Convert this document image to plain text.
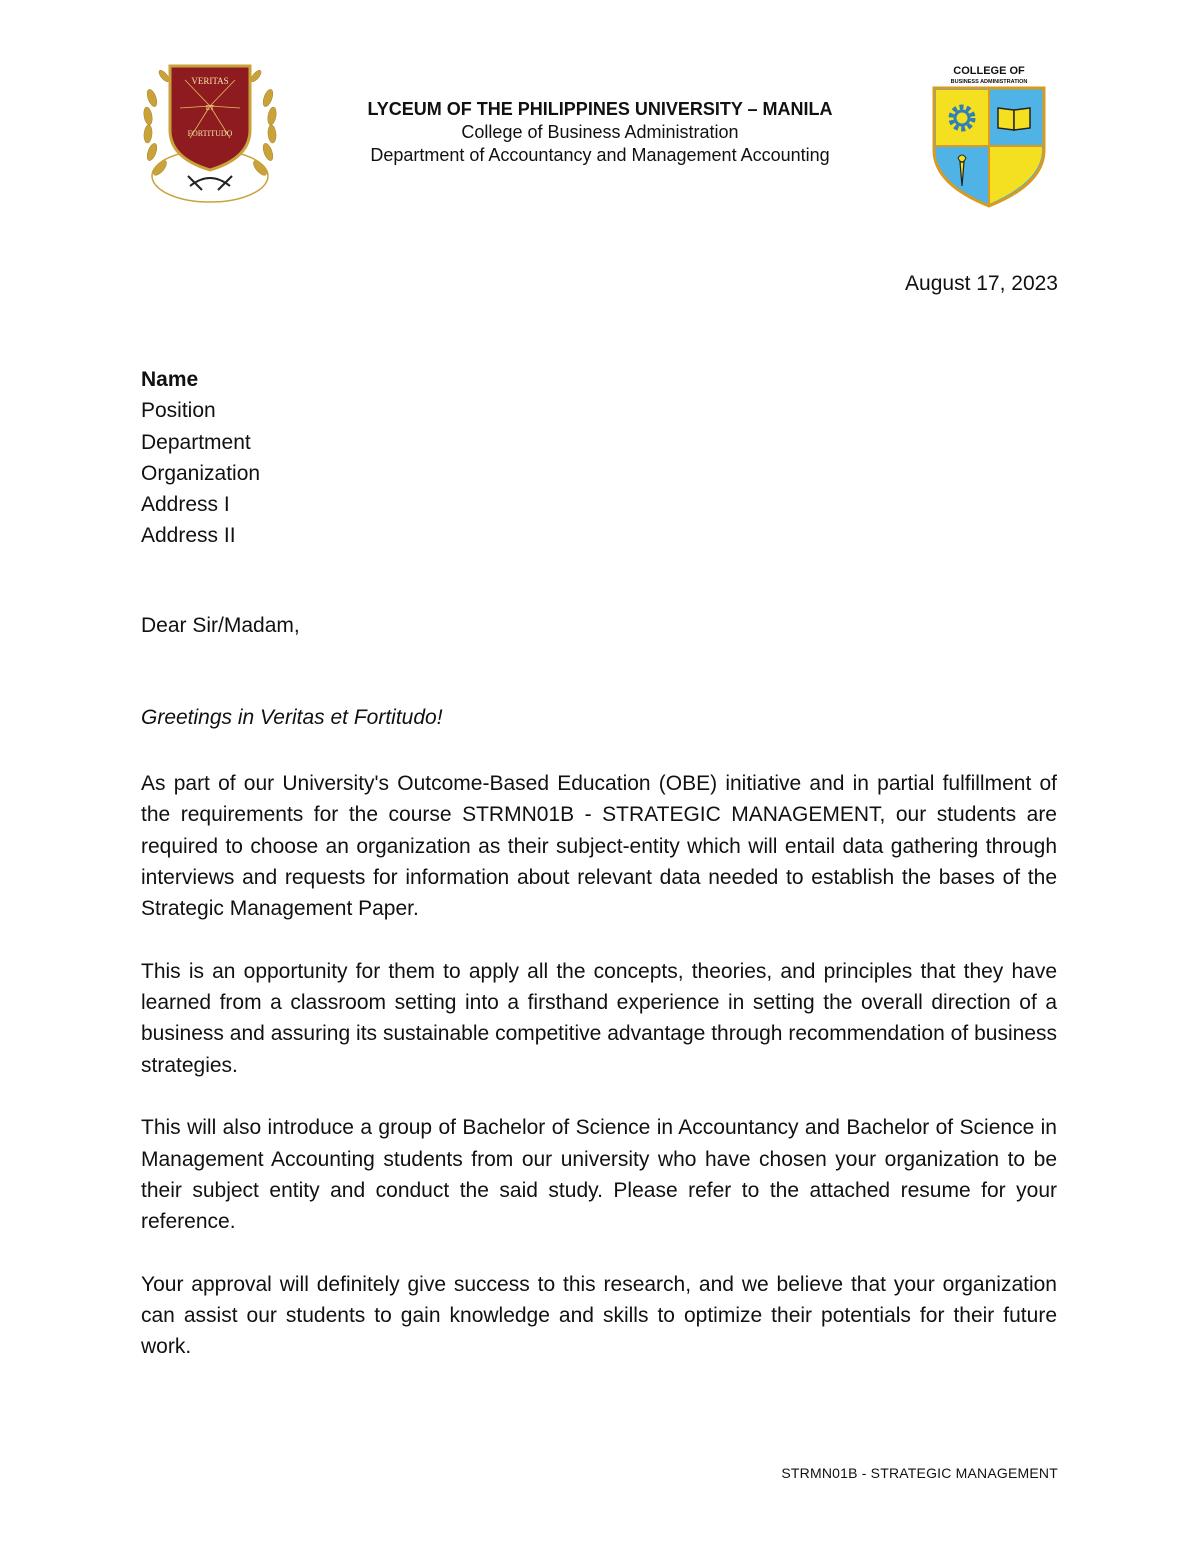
VERITAS
ET
FORTITUDO
LYCEUM OF THE PHILIPPINES UNIVERSITY – MANILA
College of Business Administration
Department of Accountancy and Management Accounting
COLLEGE OF
BUSINESS ADMINISTRATION
August 17, 2023
Name
Position
Department
Organization
Address I
Address II
Dear Sir/Madam,
Greetings in Veritas et Fortitudo!

As part of our University's Outcome-Based Education (OBE) initiative and in partial fulfillment of the requirements for the course STRMN01B - STRATEGIC MANAGEMENT, our students are required to choose an organization as their subject-entity which will entail data gathering through interviews and requests for information about relevant data needed to establish the bases of the Strategic Management Paper.

This is an opportunity for them to apply all the concepts, theories, and principles that they have learned from a classroom setting into a firsthand experience in setting the overall direction of a business and assuring its sustainable competitive advantage through recommendation of business strategies.

This will also introduce a group of Bachelor of Science in Accountancy and Bachelor of Science in Management Accounting students from our university who have chosen your organization to be their subject entity and conduct the said study. Please refer to the attached resume for your reference.

Your approval will definitely give success to this research, and we believe that your organization can assist our students to gain knowledge and skills to optimize their potentials for their future work.

STRMN01B - STRATEGIC MANAGEMENT
